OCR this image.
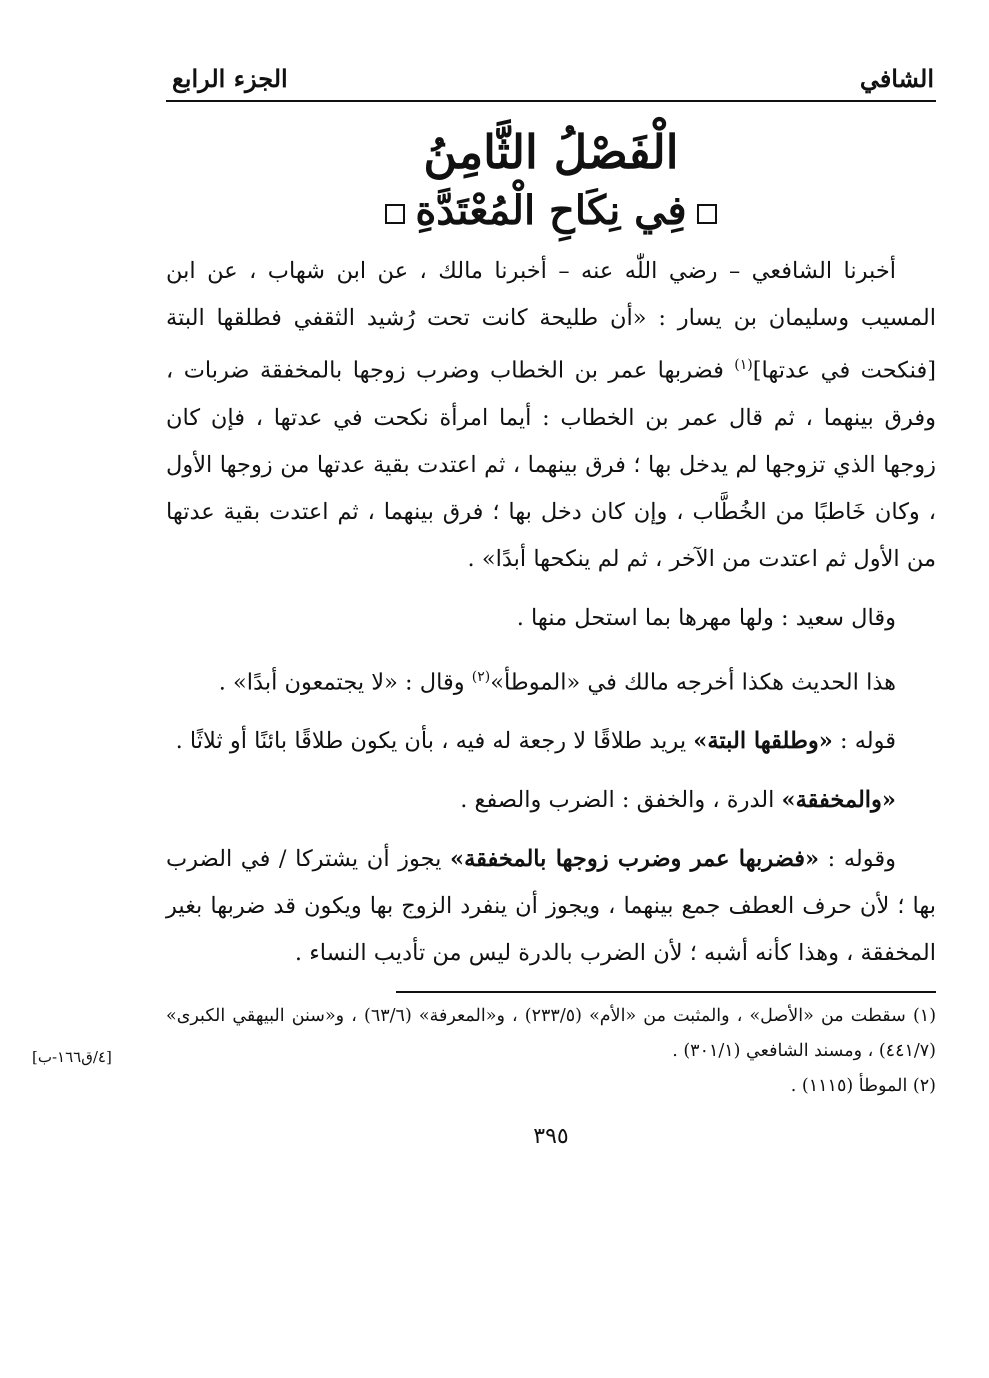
الشافي
الجزء الرابع
الْفَصْلُ الثَّامِنُ
فِي نِكَاحِ الْمُعْتَدَّةِ

أخبرنا الشافعي – رضي اللّٰه عنه – أخبرنا مالك ، عن ابن شهاب ، عن ابن المسيب وسليمان بن يسار : «أن طليحة كانت تحت رُشيد الثقفي فطلقها البتة [فنكحت في عدتها]$^{(١)}$ فضربها عمر بن الخطاب وضرب زوجها بالمخفقة ضربات ، وفرق بينهما ، ثم قال عمر بن الخطاب : أيما امرأة نكحت في عدتها ، فإن كان زوجها الذي تزوجها لم يدخل بها ؛ فرق بينهما ، ثم اعتدت بقية عدتها من زوجها الأول ، وكان خَاطبًا من الخُطَّاب ، وإن كان دخل بها ؛ فرق بينهما ، ثم اعتدت بقية عدتها من الأول ثم اعتدت من الآخر ، ثم لم ينكحها أبدًا» .

وقال سعيد : ولها مهرها بما استحل منها .

هذا الحديث هكذا أخرجه مالك في «الموطأ»$^{(٢)}$ وقال : «لا يجتمعون أبدًا» .

قوله : «وطلقها البتة» يريد طلاقًا لا رجعة له فيه ، بأن يكون طلاقًا بائنًا أو ثلاثًا .

«والمخفقة» الدرة ، والخفق : الضرب والصفع .

وقوله : «فضربها عمر وضرب زوجها بالمخفقة» يجوز أن يشتركا / في الضرب بها ؛ لأن حرف العطف جمع بينهما ، ويجوز أن ينفرد الزوج بها ويكون قد ضربها بغير المخفقة ، وهذا كأنه أشبه ؛ لأن الضرب بالدرة ليس من تأديب النساء .

[٤/ق١٦٦-ب]

(١) سقطت من «الأصل» ، والمثبت من «الأم» (٢٣٣/٥) ، و«المعرفة» (٦٣/٦) ، و«سنن البيهقي الكبرى» (٤٤١/٧) ، ومسند الشافعي (٣٠١/١) .

(٢) الموطأ (١١١٥) .

٣٩٥
